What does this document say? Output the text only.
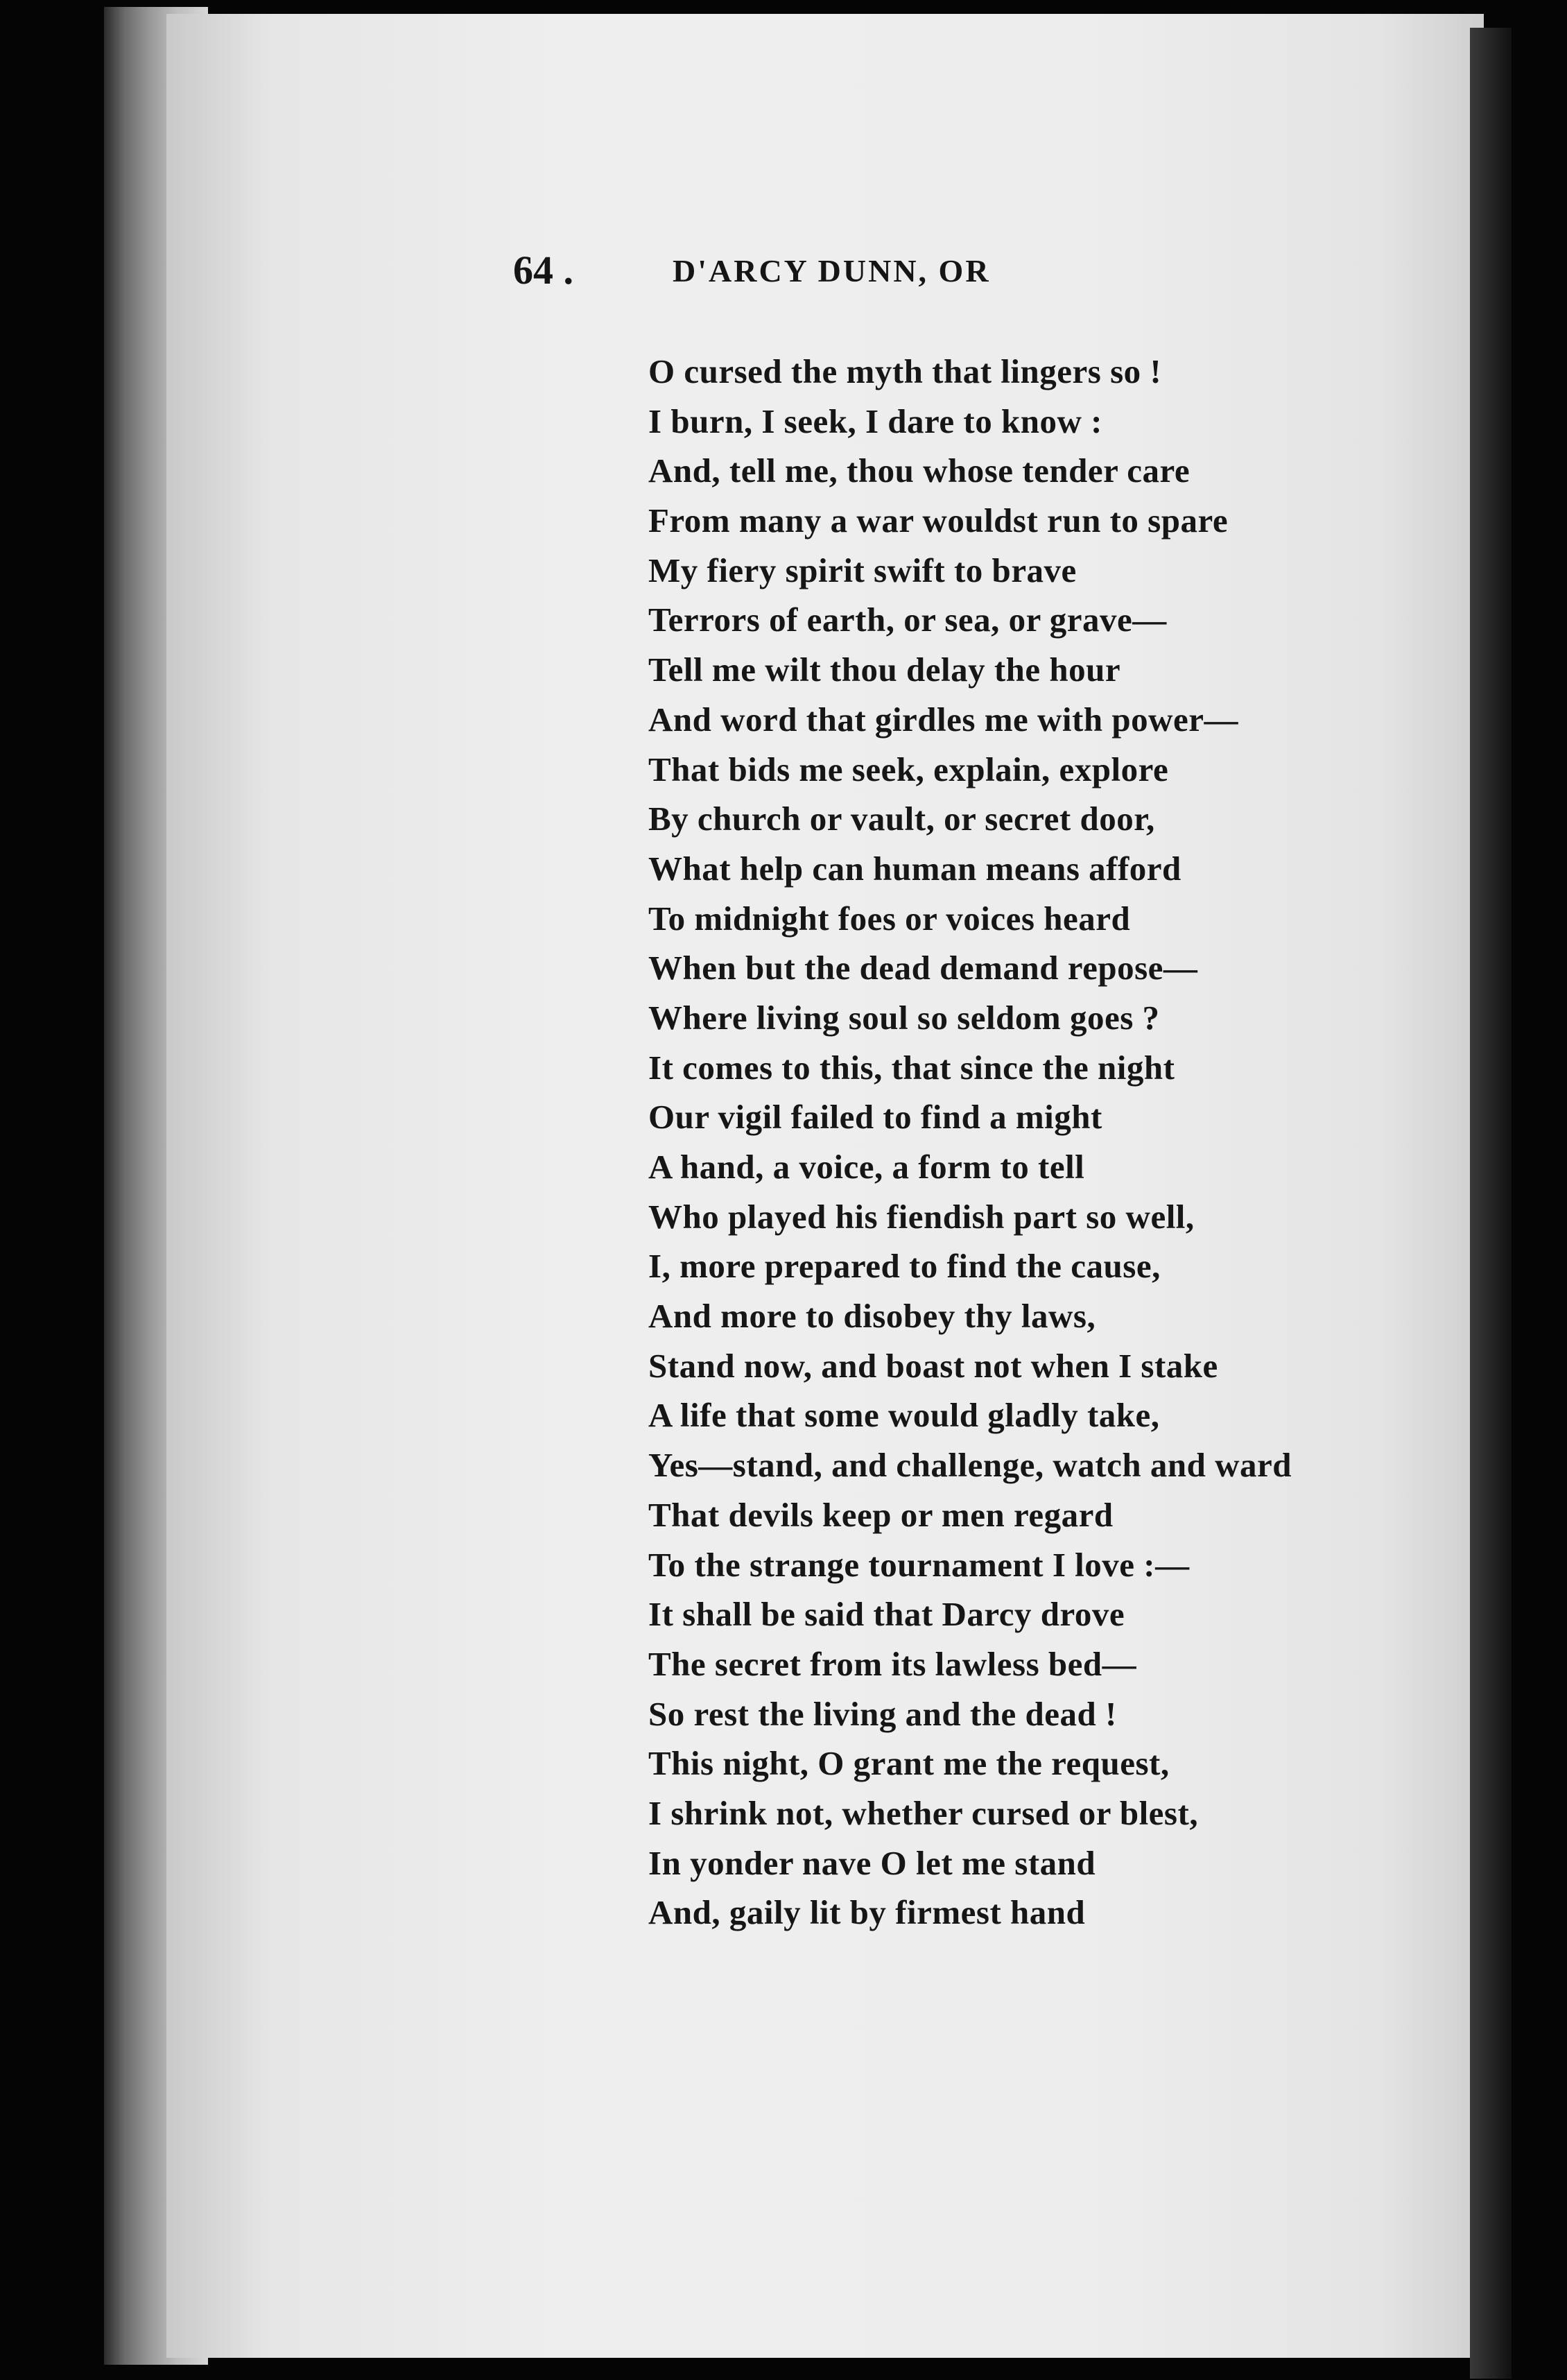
64 .	D'ARCY DUNN, OR
O cursed the myth that lingers so !
I burn, I seek, I dare to know :
And, tell me, thou whose tender care
From many a war wouldst run to spare
My fiery spirit swift to brave
Terrors of earth, or sea, or grave—
Tell me wilt thou delay the hour
And word that girdles me with power—
That bids me seek, explain, explore
By church or vault, or secret door,
What help can human means afford
To midnight foes or voices heard
When but the dead demand repose—
Where living soul so seldom goes ?
It comes to this, that since the night
Our vigil failed to find a might
A hand, a voice, a form to tell
Who played his fiendish part so well,
I, more prepared to find the cause,
And more to disobey thy laws,
Stand now, and boast not when I stake
A life that some would gladly take,
Yes—stand, and challenge, watch and ward
That devils keep or men regard
To the strange tournament I love :—
It shall be said that Darcy drove
The secret from its lawless bed—
So rest the living and the dead !
This night, O grant me the request,
I shrink not, whether cursed or blest,
In yonder nave O let me stand
And, gaily lit by firmest hand
